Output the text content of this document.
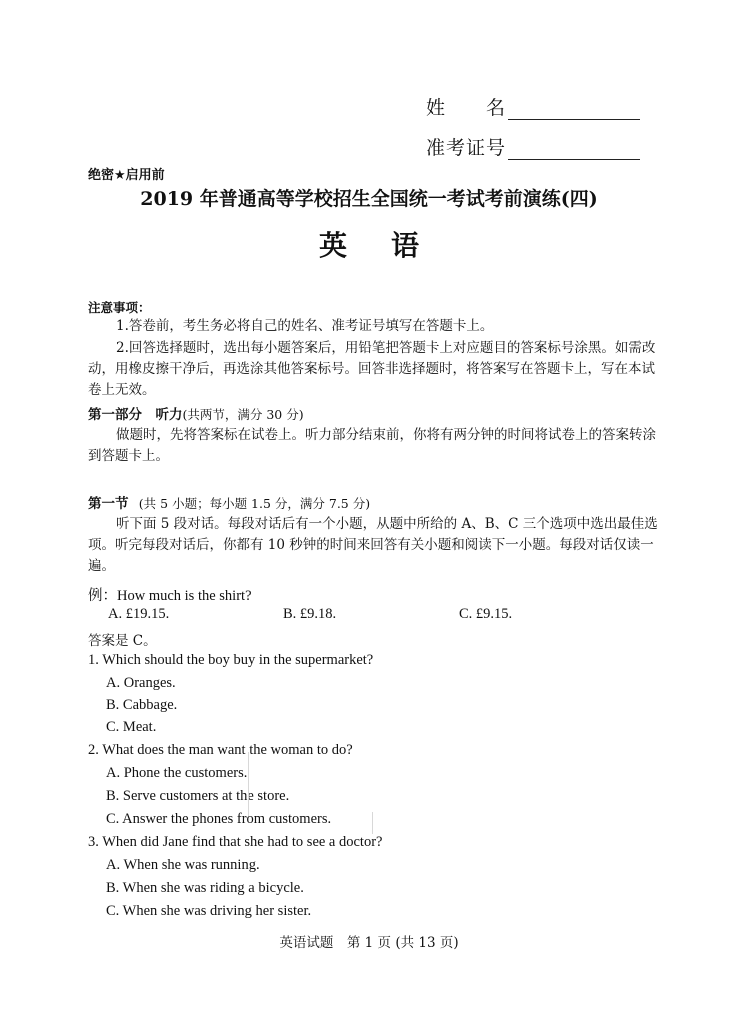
姓　　名
准考证号
绝密★启用前
2019 年普通高等学校招生全国统一考试考前演练(四)
英语
注意事项：
1.答卷前，考生务必将自己的姓名、准考证号填写在答题卡上。
2.回答选择题时，选出每小题答案后，用铅笔把答题卡上对应题目的答案标号涂黑。如需改动，用橡皮擦干净后，再选涂其他答案标号。回答非选择题时，将答案写在答题卡上，写在本试卷上无效。
第一部分　听力(共两节，满分 30 分)
做题时，先将答案标在试卷上。听力部分结束前，你将有两分钟的时间将试卷上的答案转涂到答题卡上。
第一节 (共 5 小题；每小题 1.5 分，满分 7.5 分)
听下面 5 段对话。每段对话后有一个小题，从题中所给的 A、B、C 三个选项中选出最佳选项。听完每段对话后，你都有 10 秒钟的时间来回答有关小题和阅读下一小题。每段对话仅读一遍。
例：How much is the shirt?
A. £19.15.	B. £9.18.	C. £9.15.
答案是 C。
1. Which should the boy buy in the supermarket?
A. Oranges.
B. Cabbage.
C. Meat.
2. What does the man want the woman to do?
A. Phone the customers.
B. Serve customers at the store.
C. Answer the phones from customers.
3. When did Jane find that she had to see a doctor?
A. When she was running.
B. When she was riding a bicycle.
C. When she was driving her sister.
英语试题　第 1 页 (共 13 页)
